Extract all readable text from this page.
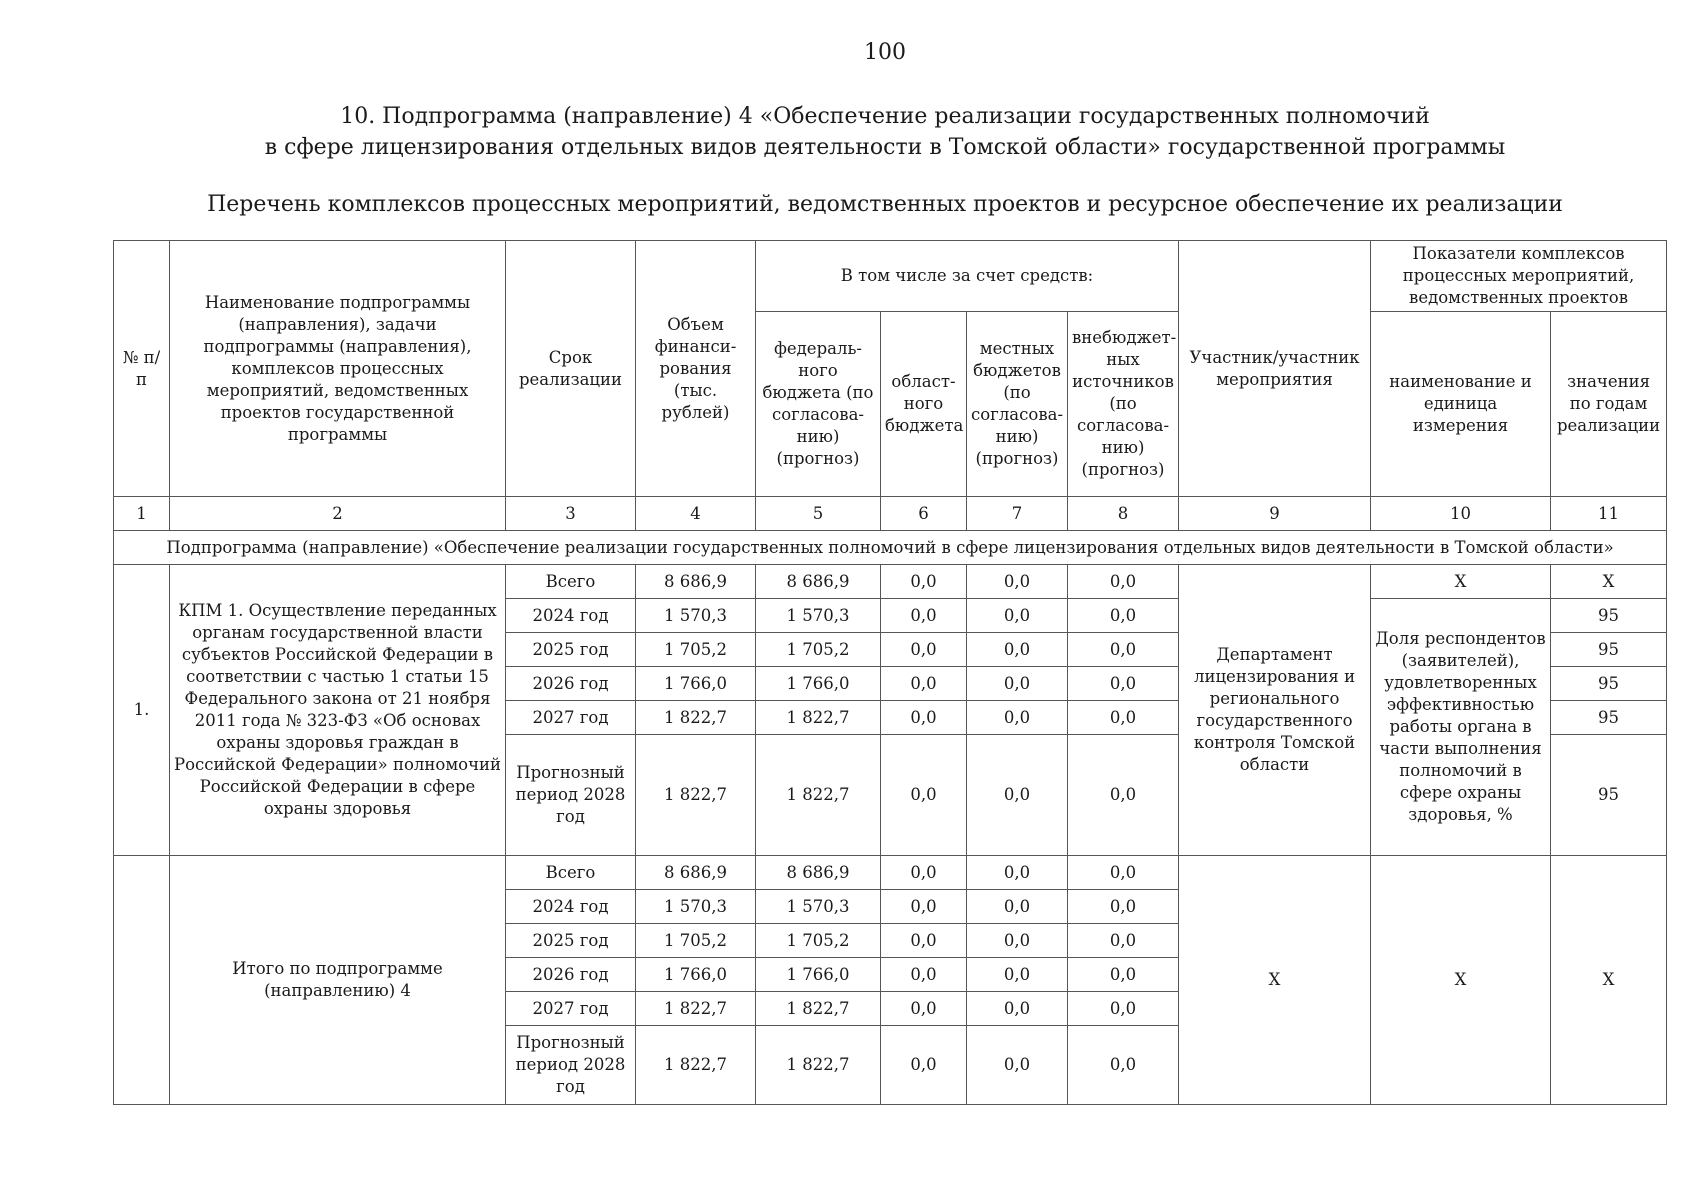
100
10. Подпрограмма (направление) 4 «Обеспечение реализации государственных полномочий
в сфере лицензирования отдельных видов деятельности в Томской области» государственной программы
Перечень комплексов процессных мероприятий, ведомственных проектов и ресурсное обеспечение их реализации
№ п/п	Наименование подпрограммы (направления), задачи подпрограммы (направления), комплексов процессных мероприятий, ведомственных проектов государственной программы	Срок реализации	Объем финанси-рования (тыс. рублей)	В том числе за счет средств:				Участник/участник мероприятия	Показатели комплексов процессных мероприятий, ведомственных проектов	
				федераль-ного бюджета (по согласова-нию) (прогноз)	област-ного бюджета	местных бюджетов (по согласова-нию) (прогноз)	внебюджет-ных источников (по согласова-нию) (прогноз)		наименование и единица измерения	значения по годам реализации
1	2	3	4	5	6	7	8	9	10	11
Подпрограмма (направление) «Обеспечение реализации государственных полномочий в сфере лицензирования отдельных видов деятельности в Томской области»										
1.	КПМ 1. Осуществление переданных органам государственной власти субъектов Российской Федерации в соответствии с частью 1 статьи 15 Федерального закона от 21 ноября 2011 года № 323-ФЗ «Об основах охраны здоровья граждан в Российской Федерации» полномочий Российской Федерации в сфере охраны здоровья	Всего	8 686,9	8 686,9	0,0	0,0	0,0	Департамент лицензирования и регионального государственного контроля Томской области	X	X
		2024 год	1 570,3	1 570,3	0,0	0,0	0,0		Доля респондентов (заявителей), удовлетворенных эффективностью работы органа в части выполнения полномочий в сфере охраны здоровья, %	95
		2025 год	1 705,2	1 705,2	0,0	0,0	0,0			95
		2026 год	1 766,0	1 766,0	0,0	0,0	0,0			95
		2027 год	1 822,7	1 822,7	0,0	0,0	0,0			95
		Прогнозный период 2028 год	1 822,7	1 822,7	0,0	0,0	0,0			95
	Итого по подпрограмме (направлению) 4	Всего	8 686,9	8 686,9	0,0	0,0	0,0	X	X	X
		2024 год	1 570,3	1 570,3	0,0	0,0	0,0			
		2025 год	1 705,2	1 705,2	0,0	0,0	0,0			
		2026 год	1 766,0	1 766,0	0,0	0,0	0,0			
		2027 год	1 822,7	1 822,7	0,0	0,0	0,0			
		Прогнозный период 2028 год	1 822,7	1 822,7	0,0	0,0	0,0			
